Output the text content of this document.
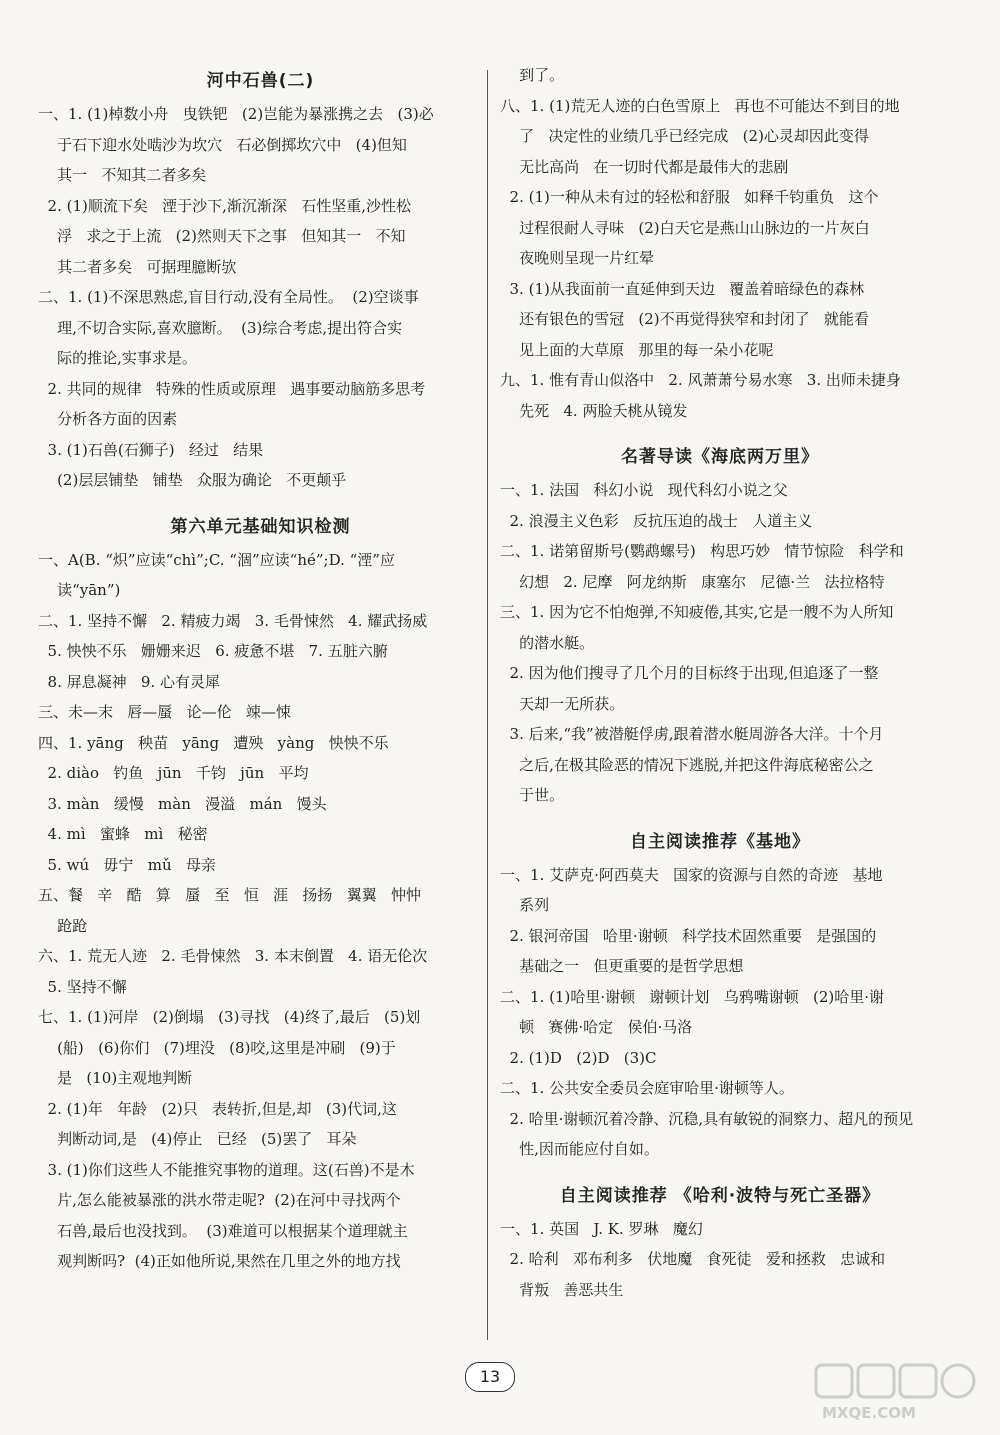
河中石兽(二)
一、1. (1)棹数小舟   曳铁钯   (2)岂能为暴涨携之去   (3)必
于石下迎水处啮沙为坎穴   石必倒掷坎穴中   (4)但知
其一   不知其二者多矣
2. (1)顺流下矣   湮于沙下,渐沉渐深   石性坚重,沙性松
浮   求之于上流   (2)然则天下之事   但知其一   不知
其二者多矣   可据理臆断欤
二、1. (1)不深思熟虑,盲目行动,没有全局性。  (2)空谈事
理,不切合实际,喜欢臆断。  (3)综合考虑,提出符合实
际的推论,实事求是。
2. 共同的规律   特殊的性质或原理   遇事要动脑筋多思考
分析各方面的因素
3. (1)石兽(石狮子)   经过   结果
(2)层层铺垫   铺垫   众服为确论   不更颠乎
第六单元基础知识检测
一、A(B. “炽”应读“chì”;C. “涸”应读“hé”;D. “湮”应
读“yān”)
二、1. 坚持不懈   2. 精疲力竭   3. 毛骨悚然   4. 耀武扬威
5. 怏怏不乐   姗姗来迟   6. 疲惫不堪   7. 五脏六腑
8. 屏息凝神   9. 心有灵犀
三、未—末   唇—蜃   论—伦   竦—悚
四、1. yāng   秧苗   yāng   遭殃   yàng   怏怏不乐
2. diào   钓鱼   jūn   千钧   jūn   平均
3. màn   缓慢   màn   漫溢   mán   馒头
4. mì   蜜蜂   mì   秘密
5. wú   毋宁   mǔ   母亲
五、餐   辛   酷   算   蜃   至   恒   涯   扬扬   翼翼   忡忡
跄跄
六、1. 荒无人迹   2. 毛骨悚然   3. 本末倒置   4. 语无伦次
5. 坚持不懈
七、1. (1)河岸   (2)倒塌   (3)寻找   (4)终了,最后   (5)划
(船)   (6)你们   (7)埋没   (8)咬,这里是冲刷   (9)于
是   (10)主观地判断
2. (1)年   年龄   (2)只   表转折,但是,却   (3)代词,这
判断动词,是   (4)停止   已经   (5)罢了   耳朵
3. (1)你们这些人不能推究事物的道理。这(石兽)不是木
片,怎么能被暴涨的洪水带走呢?  (2)在河中寻找两个
石兽,最后也没找到。  (3)难道可以根据某个道理就主
观判断吗?  (4)正如他所说,果然在几里之外的地方找
到了。
八、1. (1)荒无人迹的白色雪原上   再也不可能达不到目的地
了   决定性的业绩几乎已经完成   (2)心灵却因此变得
无比高尚   在一切时代都是最伟大的悲剧
2. (1)一种从未有过的轻松和舒服   如释千钧重负   这个
过程很耐人寻味   (2)白天它是燕山山脉边的一片灰白
夜晚则呈现一片红晕
3. (1)从我面前一直延伸到天边   覆盖着暗绿色的森林
还有银色的雪冠   (2)不再觉得狭窄和封闭了   就能看
见上面的大草原   那里的每一朵小花呢
九、1. 惟有青山似洛中   2. 风萧萧兮易水寒   3. 出师未捷身
先死   4. 两脸夭桃从镜发
名著导读《海底两万里》
一、1. 法国   科幻小说   现代科幻小说之父
2. 浪漫主义色彩   反抗压迫的战士   人道主义
二、1. 诺第留斯号(鹦鹉螺号)   构思巧妙   情节惊险   科学和
幻想   2. 尼摩   阿龙纳斯   康塞尔   尼德·兰   法拉格特
三、1. 因为它不怕炮弹,不知疲倦,其实,它是一艘不为人所知
的潜水艇。
2. 因为他们搜寻了几个月的目标终于出现,但追逐了一整
天却一无所获。
3. 后来,“我”被潜艇俘虏,跟着潜水艇周游各大洋。十个月
之后,在极其险恶的情况下逃脱,并把这件海底秘密公之
于世。
自主阅读推荐《基地》
一、1. 艾萨克·阿西莫夫   国家的资源与自然的奇迹   基地
系列
2. 银河帝国   哈里·谢顿   科学技术固然重要   是强国的
基础之一   但更重要的是哲学思想
二、1. (1)哈里·谢顿   谢顿计划   乌鸦嘴谢顿   (2)哈里·谢
顿   赛佛·哈定   侯伯·马洛
2. (1)D   (2)D   (3)C
二、1. 公共安全委员会庭审哈里·谢顿等人。
2. 哈里·谢顿沉着冷静、沉稳,具有敏锐的洞察力、超凡的预见
性,因而能应付自如。
自主阅读推荐 《哈利·波特与死亡圣器》
一、1. 英国   J. K. 罗琳   魔幻
2. 哈利   邓布利多   伏地魔   食死徒   爱和拯救   忠诚和
背叛   善恶共生
13
MXQE.COM
